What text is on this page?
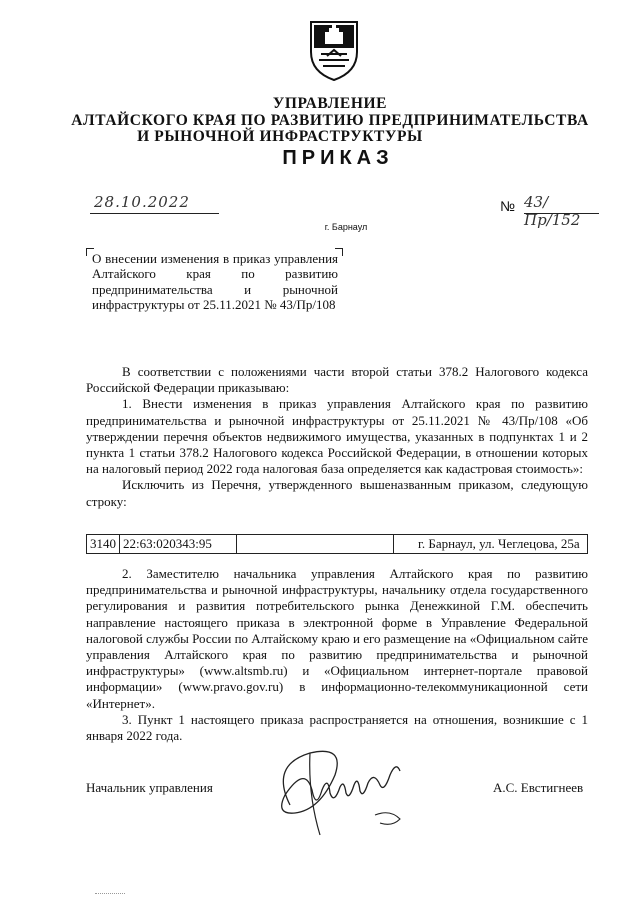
УПРАВЛЕНИЕ
АЛТАЙСКОГО КРАЯ ПО РАЗВИТИЮ ПРЕДПРИНИМАТЕЛЬСТВА
И РЫНОЧНОЙ ИНФРАСТРУКТУРЫ
ПРИКАЗ
28.10.2022	№ 43/Пр/152
г. Барнаул
О внесении изменения в приказ управления Алтайского края по развитию предпринимательства и рыночной инфраструктуры от 25.11.2021 № 43/Пр/108

В соответствии с положениями части второй статьи 378.2 Налогового кодекса Российской Федерации приказываю:

1. Внести изменения в приказ управления Алтайского края по развитию предпринимательства и рыночной инфраструктуры от 25.11.2021 № 43/Пр/108 «Об утверждении перечня объектов недвижимого имущества, указанных в подпунктах 1 и 2 пункта 1 статьи 378.2 Налогового кодекса Российской Федерации, в отношении которых на налоговый период 2022 года налоговая база определяется как кадастровая стоимость»:

Исключить из Перечня, утвержденного вышеназванным приказом, следующую строку:

3140	22:63:020343:95		г. Барнаул, ул. Чеглецова, 25а

2. Заместителю начальника управления Алтайского края по развитию предпринимательства и рыночной инфраструктуры, начальнику отдела государственного регулирования и развития потребительского рынка Денежкиной Г.М. обеспечить направление настоящего приказа в электронной форме в Управление Федеральной налоговой службы России по Алтайскому краю и его размещение на «Официальном сайте управления Алтайского края по развитию предпринимательства и рыночной инфраструктуры» (www.altsmb.ru) и «Официальном интернет-портале правовой информации» (www.pravo.gov.ru) в информационно-телекоммуникационной сети «Интернет».

3. Пункт 1 настоящего приказа распространяется на отношения, возникшие с 1 января 2022 года.

Начальник управления	А.С. Евстигнеев
